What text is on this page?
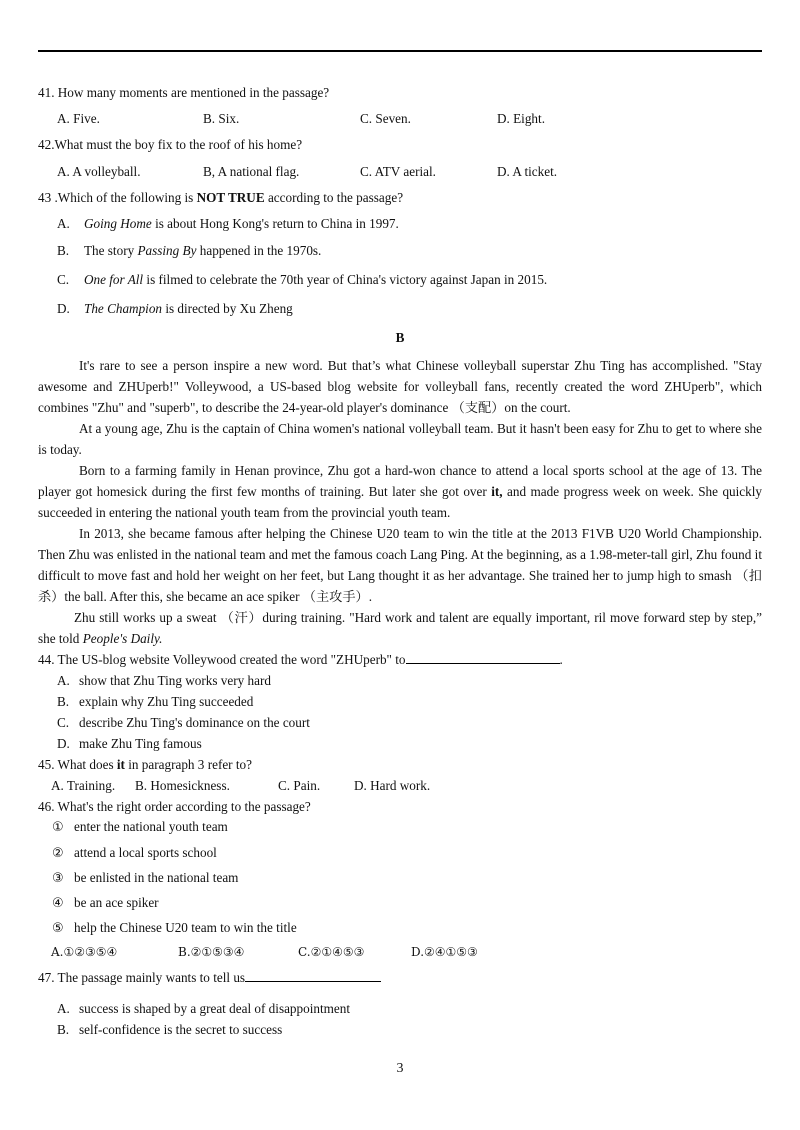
41. How many moments are mentioned in the passage?
A. Five.	B. Six.	C. Seven.	D. Eight.
42.What must the boy fix to the roof of his home?
A. A volleyball.	B, A national flag.	C. ATV aerial.	D. A ticket.
43 .Which of the following is NOT TRUE according to the passage?
A. Going Home is about Hong Kong's return to China in 1997.
B. The story Passing By happened in the 1970s.
C. One for All is filmed to celebrate the 70th year of China's victory against Japan in 2015.
D. The Champion is directed by Xu Zheng
B
It's rare to see a person inspire a new word. But that’s what Chinese volleyball superstar Zhu Ting has accomplished. "Stay awesome and ZHUperb!" Volleywood, a US-based blog website for volleyball fans, recently created the word ZHUperb", which combines "Zhu" and "superb", to describe the 24-year-old player's dominance （支配）on the court.
At a young age, Zhu is the captain of China women's national volleyball team. But it hasn't been easy for Zhu to get to where she is today.
Born to a farming family in Henan province, Zhu got a hard-won chance to attend a local sports school at the age of 13. The player got homesick during the first few months of training. But later she got over it, and made progress week on week. She quickly succeeded in entering the national youth team from the provincial youth team.
In 2013, she became famous after helping the Chinese U20 team to win the title at the 2013 F1VB U20 World Championship. Then Zhu was enlisted in the national team and met the famous coach Lang Ping. At the beginning, as a 1.98-meter-tall girl, Zhu found it difficult to move fast and hold her weight on her feet, but Lang thought it as her advantage. She trained her to jump high to smash （扣杀）the ball. After this, she became an ace spiker （主攻手）.
Zhu still works up a sweat （汗）during training. "Hard work and talent are equally important, ril move forward step by step,” she told People's Daily.
44. The US-blog website Volleywood created the word "ZHUperb" to	.
A. show that Zhu Ting works very hard
B. explain why Zhu Ting succeeded
C. describe Zhu Ting's dominance on the court
D. make Zhu Ting famous
45. What does it in paragraph 3 refer to?
A. Training. B. Homesickness.	C. Pain.	D. Hard work.
46. What's the right order according to the passage?
① enter the national youth team
② attend a local sports school
③ be enlisted in the national team
④ be an ace spiker
⑤ help the Chinese U20 team to win the title
A.①②③⑤④	B.②①⑤③④	C.②①④⑤③	D.②④①⑤③
47. The passage mainly wants to tell us
A. success is shaped by a great deal of disappointment
B. self-confidence is the secret to success
3
